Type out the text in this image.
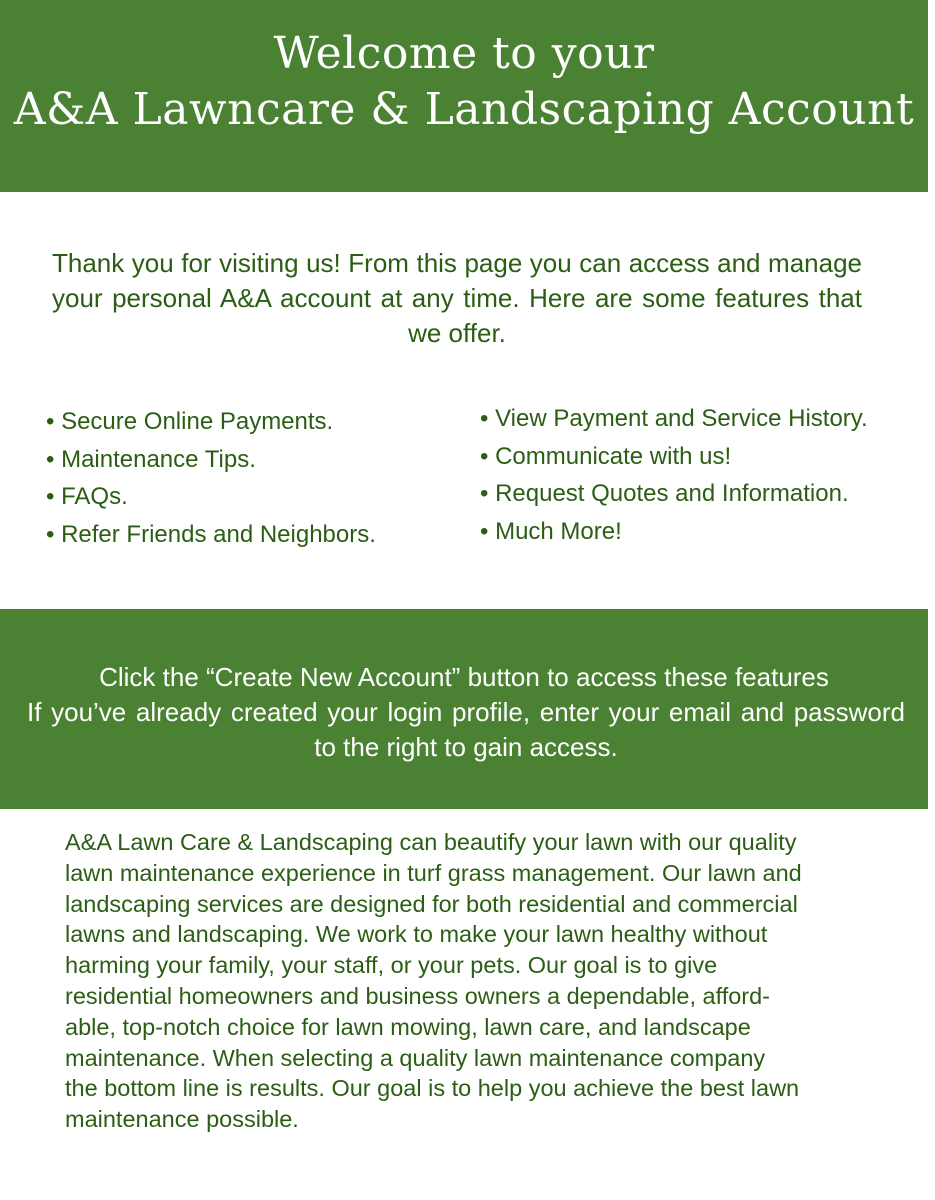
Welcome to your
A&A Lawncare & Landscaping Account
Thank you for visiting us! From this page you can access and manage your personal A&A account at any time. Here are some features that we offer.
• Secure Online Payments.
• Maintenance Tips.
• FAQs.
• Refer Friends and Neighbors.
• View Payment and Service History.
• Communicate with us!
• Request Quotes and Information.
• Much More!
Click the “Create New Account” button to access these features
If you’ve already created your login profile, enter your email and password to the right to gain access.
A&A Lawn Care & Landscaping can beautify your lawn with our quality
lawn maintenance experience in turf grass management. Our lawn and
landscaping services are designed for both residential and commercial
lawns and landscaping. We work to make your lawn healthy without
harming your family, your staff, or your pets. Our goal is to give
residential homeowners and business owners a dependable, afford-
able, top-notch choice for lawn mowing, lawn care, and landscape
maintenance. When selecting a quality lawn maintenance company
the bottom line is results. Our goal is to help you achieve the best lawn
maintenance possible.
